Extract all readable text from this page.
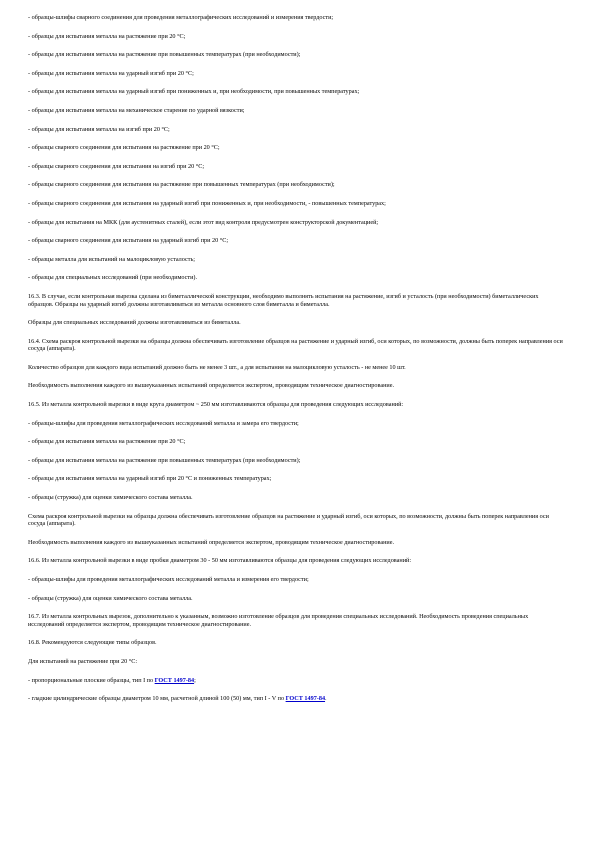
- образцы-шлифы сварного соединения для проведения металлографических исследований и измерения твердости;
- образцы для испытания металла на растяжение при 20 °С;
- образцы для испытания металла на растяжение при повышенных температурах (при необходимости);
- образцы для испытания металла на ударный изгиб при 20 °С;
- образцы для испытания металла на ударный изгиб при пониженных и, при необходимости, при повышенных температурах;
- образцы для испытания металла на механическое старение по ударной вязкости;
- образцы для испытания металла на изгиб при 20 °С;
- образцы сварного соединения для испытания на растяжение при 20 °С;
- образцы сварного соединения для испытания на изгиб при 20 °С;
- образцы сварного соединения для испытания на растяжение при повышенных температурах (при необходимости);
- образцы сварного соединения для испытания на ударный изгиб при пониженных и, при необходимости, - повышенных температурах;
- образцы для испытания на МКК (для аустенитных сталей), если этот вид контроля предусмотрен конструкторской документацией;
- образцы сварного соединения для испытания на ударный изгиб при 20 °С;
- образцы металла для испытаний на малоцикловую усталость;
- образцы для специальных исследований (при необходимости).
16.3. В случае, если контрольная вырезка сделана из биметаллической конструкции, необходимо выполнять испытания на растяжение, изгиб и усталость (при необходимости) биметаллических образцов. Образцы на ударный изгиб должны изготавливаться из металла основного слоя биметалла и биметалла.
Образцы для специальных исследований должны изготавливаться из биметалла.
16.4. Схема раскроя контрольной вырезки на образцы должна обеспечивать изготовление образцов на растяжение и ударный изгиб, оси которых, по возможности, должны быть поперек направления оси сосуда (аппарата).
Количество образцов для каждого вида испытаний должно быть не менее 3 шт., а для испытания на малоцикловую усталость - не менее 10 шт.
Необходимость выполнения каждого из вышеуказанных испытаний определяется экспертом, проводящим техническое диагностирование.
16.5. Из металла контрольной вырезки в виде круга диаметром ~ 250 мм изготавливаются образцы для проведения следующих исследований:
- образцы-шлифы для проведения металлографических исследований металла и замера его твердости;
- образцы для испытания металла на растяжение при 20 °С;
- образцы для испытания металла на растяжение при повышенных температурах (при необходимости);
- образцы для испытания металла на ударный изгиб при 20 °С и пониженных температурах;
- образцы (стружка) для оценки химического состава металла.
Схема раскроя контрольной вырезки на образцы должна обеспечивать изготовление образцов на растяжение и ударный изгиб, оси которых, по возможности, должны быть поперек направления оси сосуда (аппарата).
Необходимость выполнения каждого из вышеуказанных испытаний определяется экспертом, проводящим техническое диагностирование.
16.6. Из металла контрольной вырезки в виде пробки диаметром 30 - 50 мм изготавливаются образцы для проведения следующих исследований:
- образцы-шлифы для проведения металлографических исследований металла и измерения его твердости;
- образцы (стружка) для оценки химического состава металла.
16.7. Из металла контрольных вырезок, дополнительно к указанным, возможно изготовление образцов для проведения специальных исследований. Необходимость проведения специальных исследований определяется экспертом, проводящим техническое диагностирование.
16.8. Рекомендуются следующие типы образцов.
Для испытаний на растяжение при 20 °С:
- пропорциональные плоские образцы, тип I по ГОСТ 1497-84;
- гладкие цилиндрические образцы диаметром 10 мм, расчетной длиной 100 (50) мм, тип I - V по ГОСТ 1497-84.
